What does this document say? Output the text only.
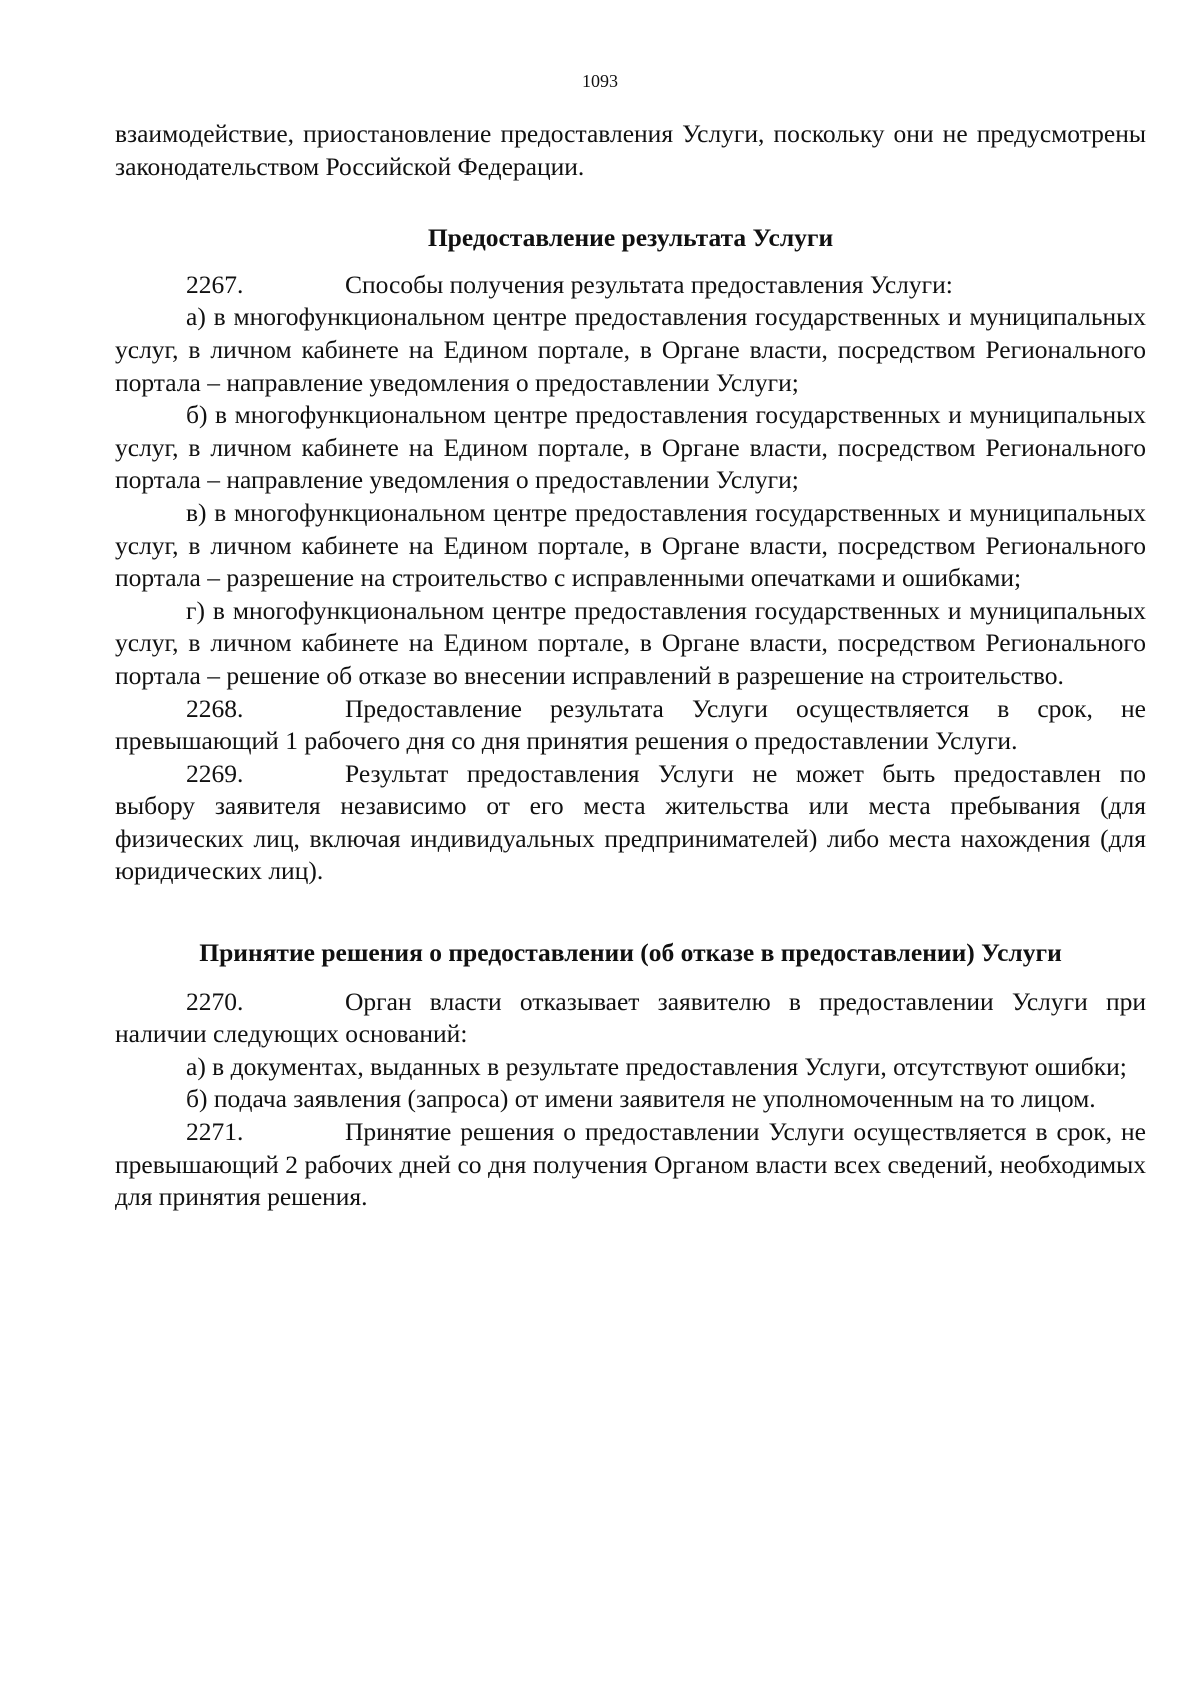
1093

взаимодействие, приостановление предоставления Услуги, поскольку они не предусмотрены законодательством Российской Федерации.

Предоставление результата Услуги

2267.	Способы получения результата предоставления Услуги:

а) в многофункциональном центре предоставления государственных и муниципальных услуг, в личном кабинете на Едином портале, в Органе власти, посредством Регионального портала – направление уведомления о предоставлении Услуги;

б) в многофункциональном центре предоставления государственных и муниципальных услуг, в личном кабинете на Едином портале, в Органе власти, посредством Регионального портала – направление уведомления о предоставлении Услуги;

в) в многофункциональном центре предоставления государственных и муниципальных услуг, в личном кабинете на Едином портале, в Органе власти, посредством Регионального портала – разрешение на строительство с исправленными опечатками и ошибками;

г) в многофункциональном центре предоставления государственных и муниципальных услуг, в личном кабинете на Едином портале, в Органе власти, посредством Регионального портала – решение об отказе во внесении исправлений в разрешение на строительство.

2268.	Предоставление результата Услуги осуществляется в срок, не превышающий 1 рабочего дня со дня принятия решения о предоставлении Услуги.

2269.	Результат предоставления Услуги не может быть предоставлен по выбору заявителя независимо от его места жительства или места пребывания (для физических лиц, включая индивидуальных предпринимателей) либо места нахождения (для юридических лиц).

Принятие решения о предоставлении (об отказе в предоставлении) Услуги

2270.	Орган власти отказывает заявителю в предоставлении Услуги при наличии следующих оснований:

а) в документах, выданных в результате предоставления Услуги, отсутствуют ошибки;

б) подача заявления (запроса) от имени заявителя не уполномоченным на то лицом.

2271.	Принятие решения о предоставлении Услуги осуществляется в срок, не превышающий 2 рабочих дней со дня получения Органом власти всех сведений, необходимых для принятия решения.
